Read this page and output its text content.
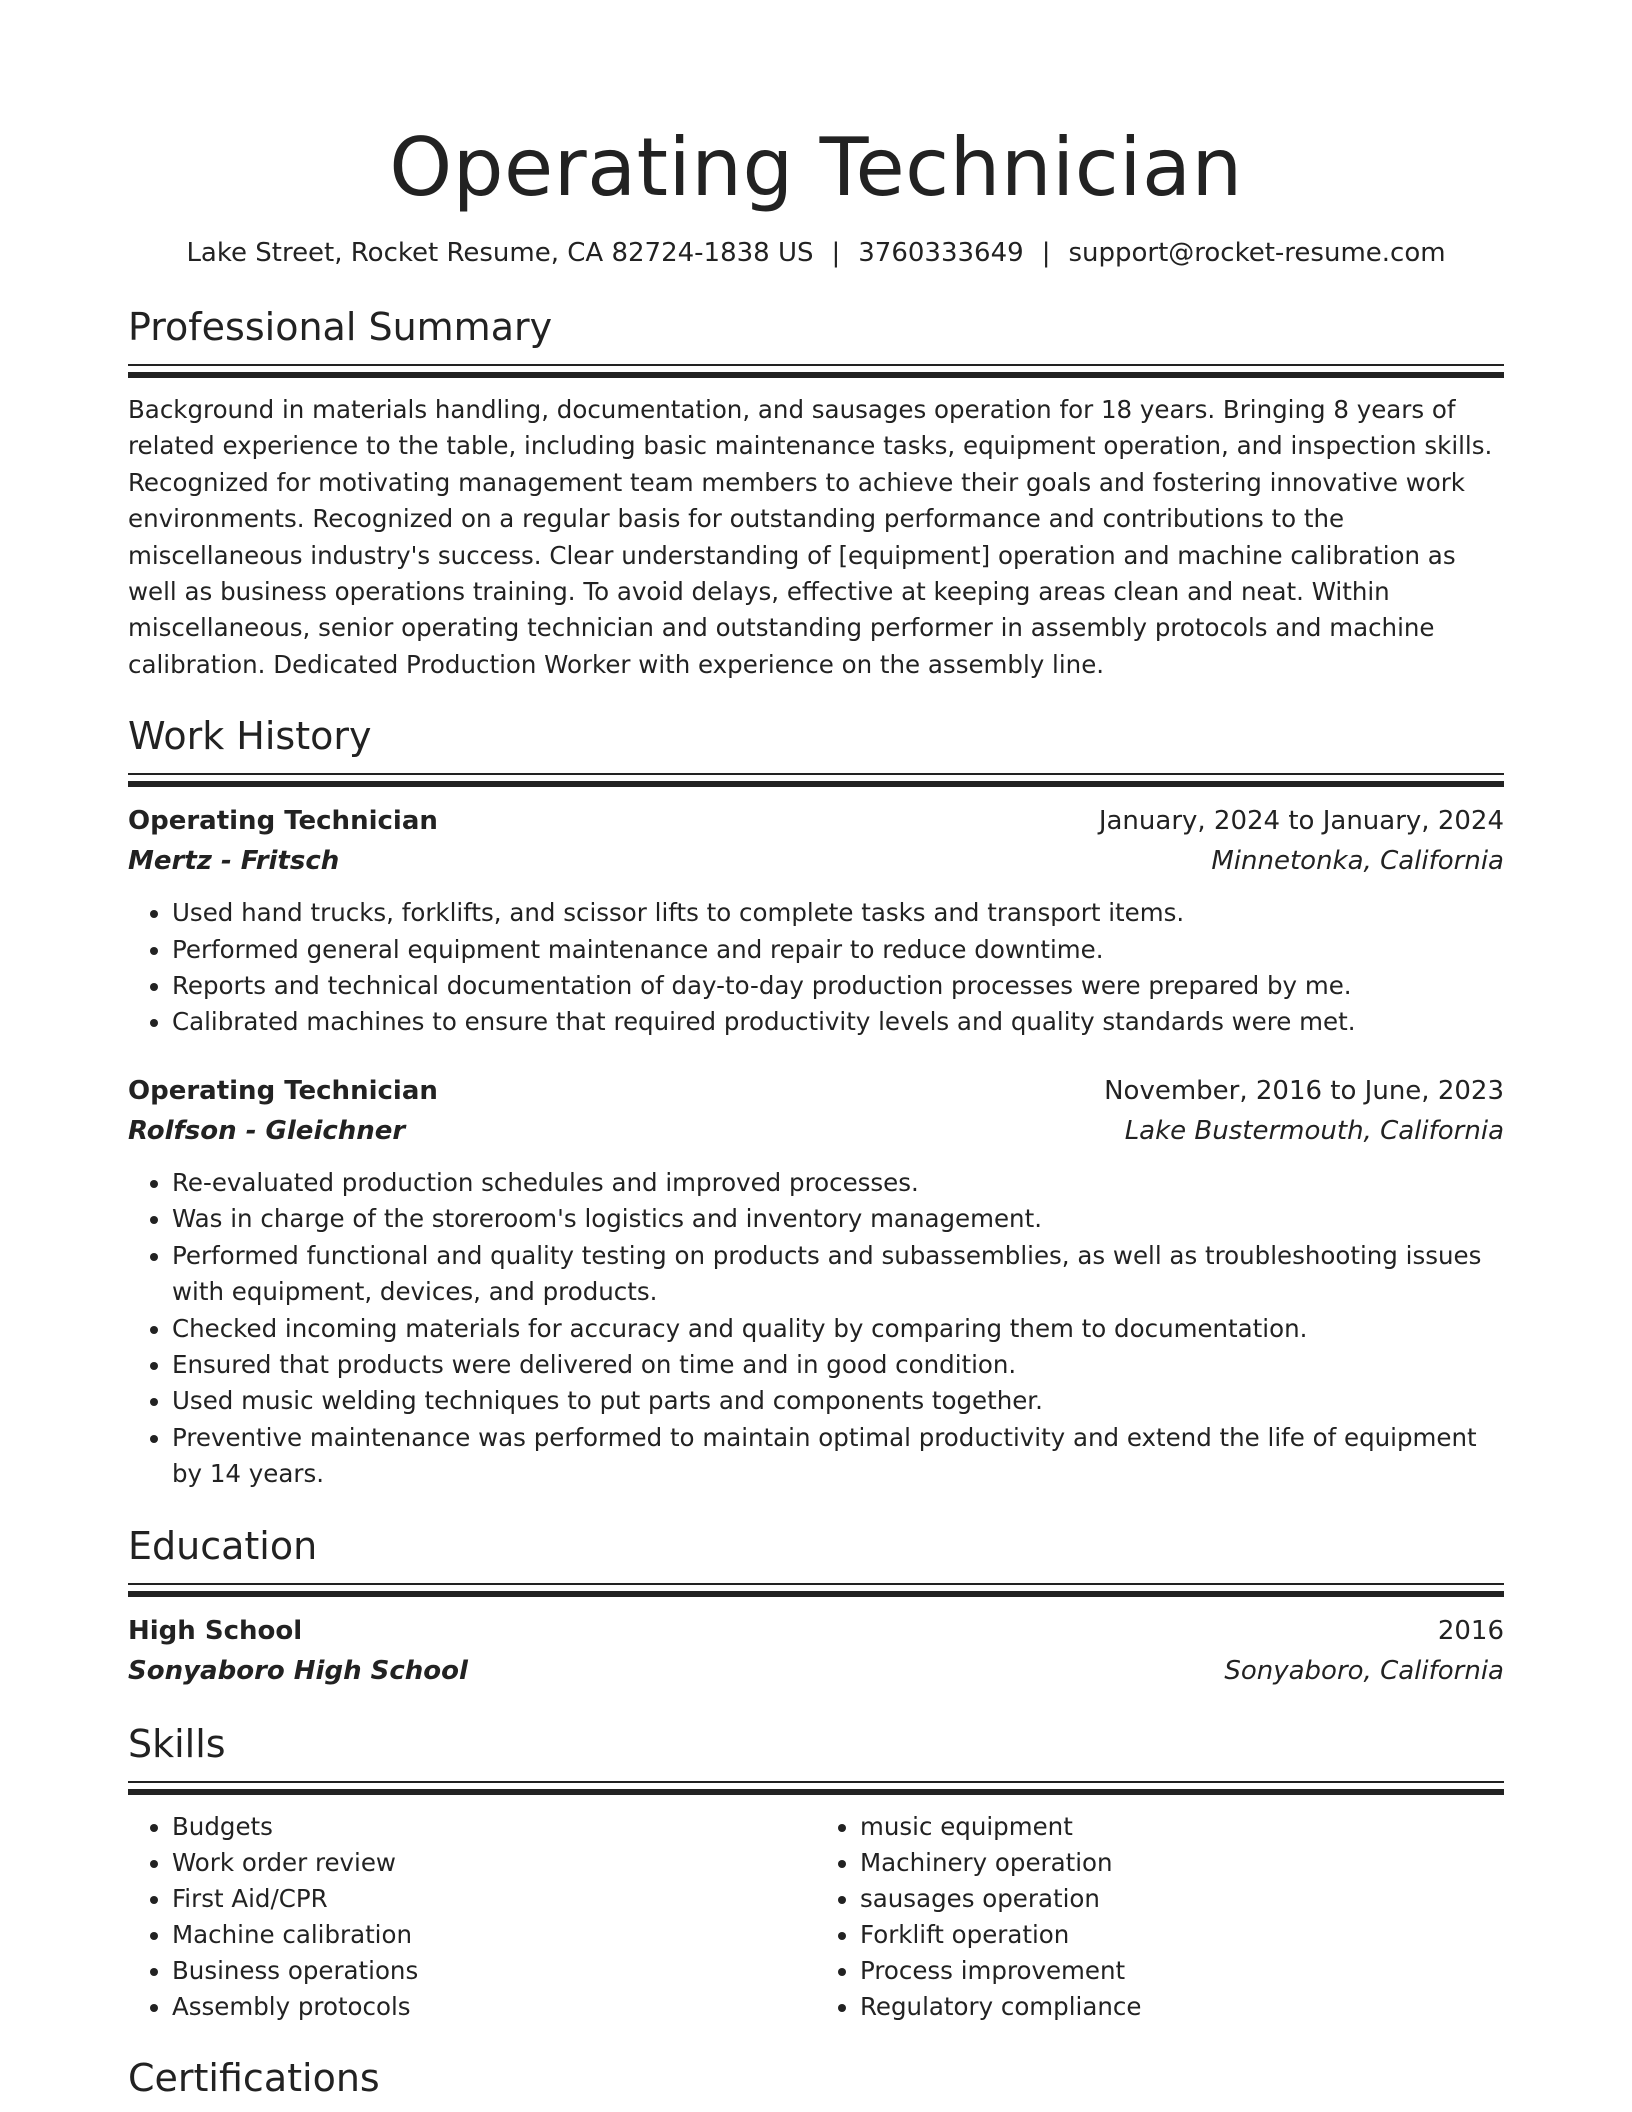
Operating Technician
Lake Street, Rocket Resume, CA 82724-1838 US | 3760333649 | support@rocket-resume.com
Professional Summary

Background in materials handling, documentation, and sausages operation for 18 years. Bringing 8 years of related experience to the table, including basic maintenance tasks, equipment operation, and inspection skills. Recognized for motivating management team members to achieve their goals and fostering innovative work environments. Recognized on a regular basis for outstanding performance and contributions to the miscellaneous industry's success. Clear understanding of [equipment] operation and machine calibration as well as business operations training. To avoid delays, effective at keeping areas clean and neat. Within miscellaneous, senior operating technician and outstanding performer in assembly protocols and machine calibration. Dedicated Production Worker with experience on the assembly line.

Work History
Operating Technician	January, 2024 to January, 2024
Mertz - Fritsch	Minnetonka, California
• Used hand trucks, forklifts, and scissor lifts to complete tasks and transport items.
• Performed general equipment maintenance and repair to reduce downtime.
• Reports and technical documentation of day-to-day production processes were prepared by me.
• Calibrated machines to ensure that required productivity levels and quality standards were met.
Operating Technician	November, 2016 to June, 2023
Rolfson - Gleichner	Lake Bustermouth, California
• Re-evaluated production schedules and improved processes.
• Was in charge of the storeroom's logistics and inventory management.
• Performed functional and quality testing on products and subassemblies, as well as troubleshooting issues with equipment, devices, and products.
• Checked incoming materials for accuracy and quality by comparing them to documentation.
• Ensured that products were delivered on time and in good condition.
• Used music welding techniques to put parts and components together.
• Preventive maintenance was performed to maintain optimal productivity and extend the life of equipment by 14 years.
Education
High School	2016
Sonyaboro High School	Sonyaboro, California
Skills
• Budgets
• Work order review
• First Aid/CPR
• Machine calibration
• Business operations
• Assembly protocols
• music equipment
• Machinery operation
• sausages operation
• Forklift operation
• Process improvement
• Regulatory compliance
Certifications
